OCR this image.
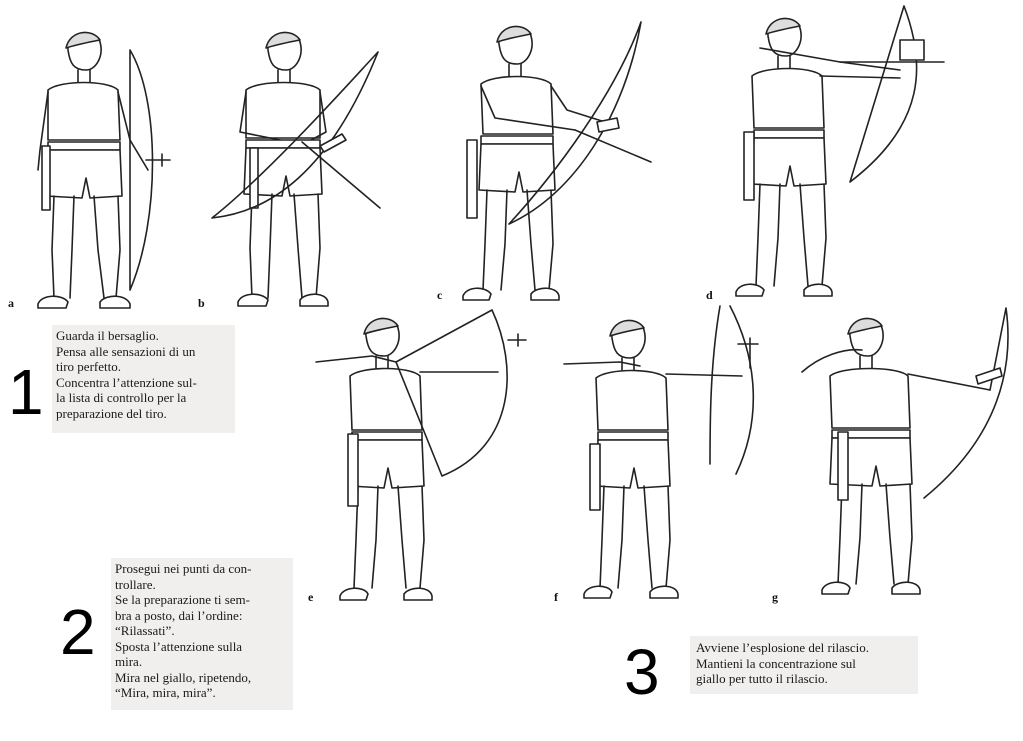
a	b
c	d
e	f	g
1
Guarda il bersaglio.
Pensa alle sensazioni di un
tiro perfetto.
Concentra l’attenzione sul-
la lista di controllo per la
preparazione del tiro.
2
Prosegui nei punti da con-
trollare.
Se la preparazione ti sem-
bra a posto, dai l’ordine:
“Rilassati”.
Sposta l’attenzione sulla
mira.
Mira nel giallo, ripetendo,
“Mira, mira, mira”.	3	Avviene l’esplosione del rilascio.
Mantieni la concentrazione sul
giallo per tutto il rilascio.
